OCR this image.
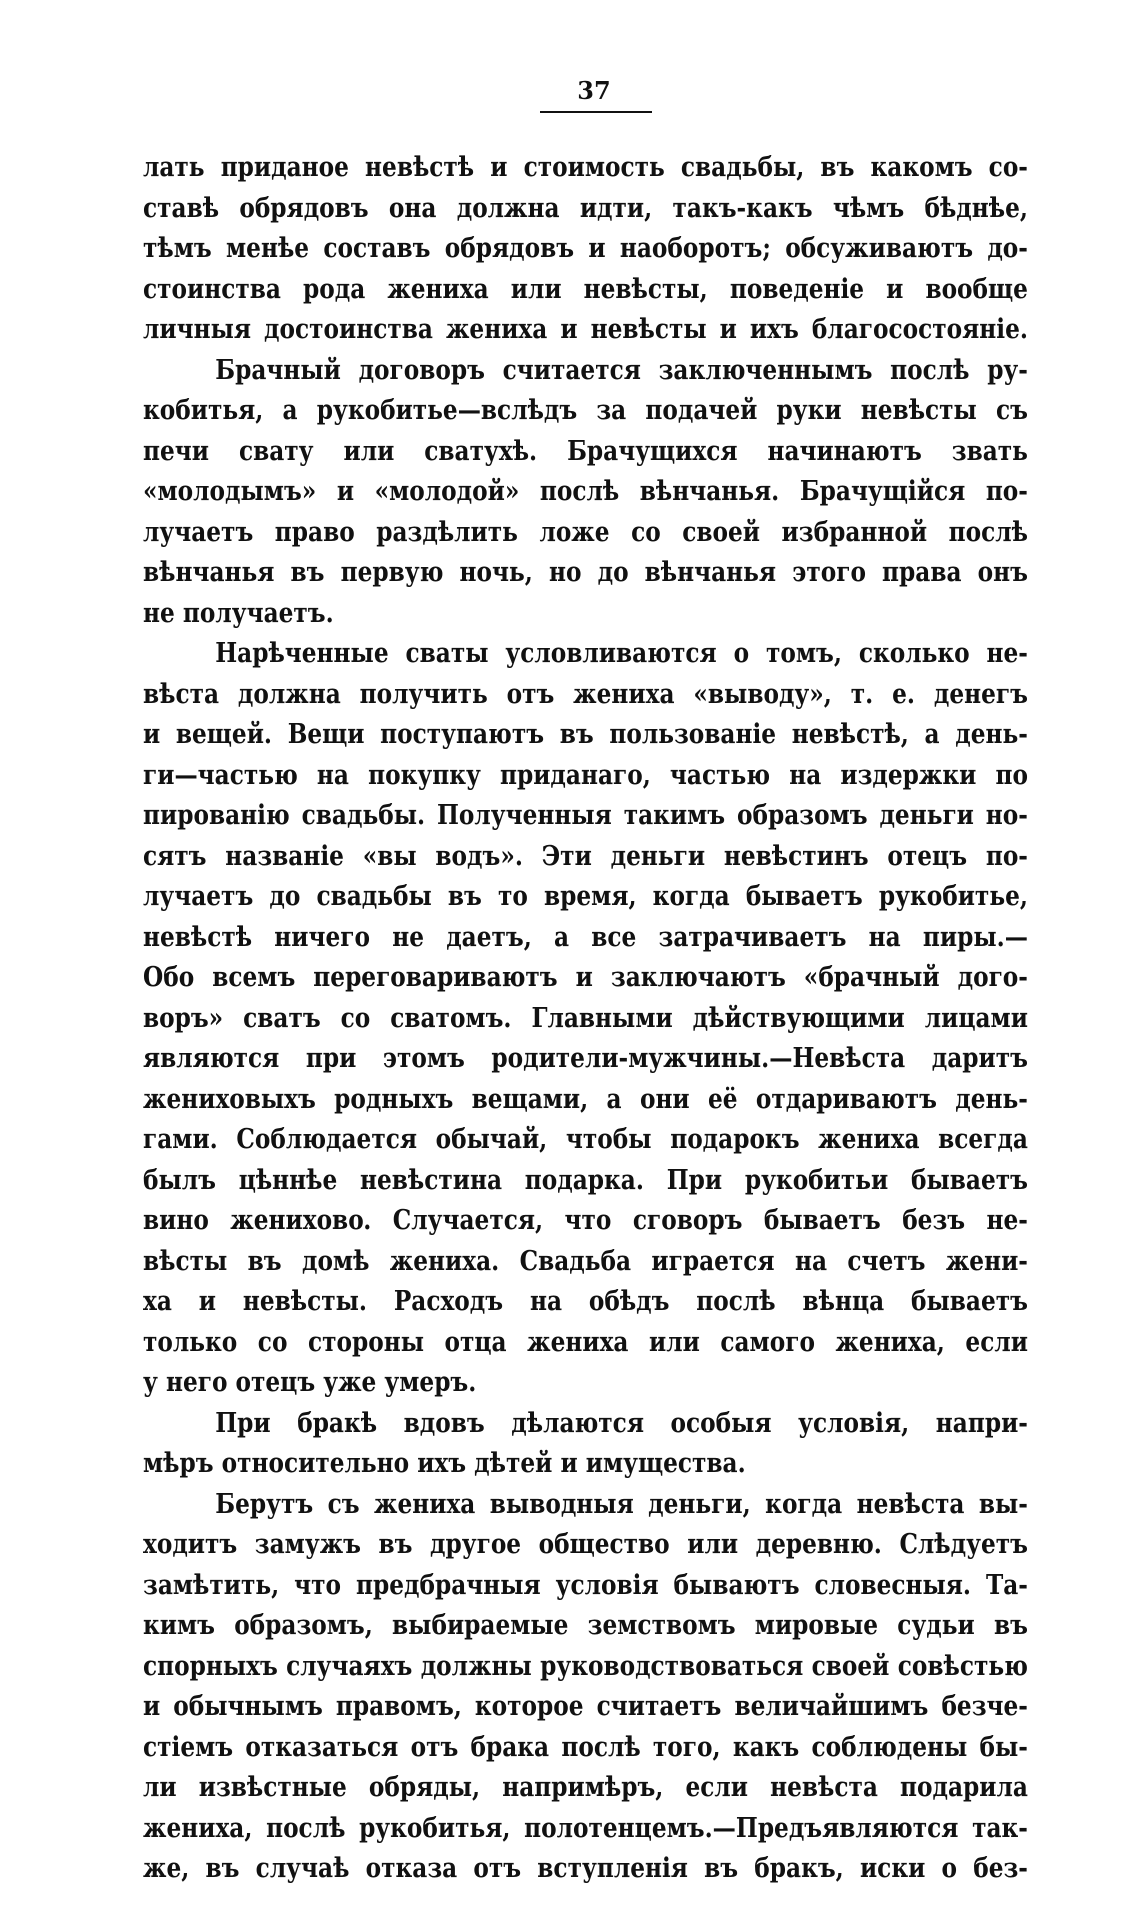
37
лать приданое невѣстѣ и стоимость свадьбы, въ какомъ со-
ставѣ обрядовъ она должна идти, такъ-какъ чѣмъ бѣднѣе,
тѣмъ менѣе составъ обрядовъ и наоборотъ; обсуживаютъ до-
стоинства рода жениха или невѣсты, поведеніе и вообще
личныя достоинства жениха и невѣсты и ихъ благосостояніе.
Брачный договоръ считается заключеннымъ послѣ ру-
кобитья, а рукобитье—вслѣдъ за подачей руки невѣсты съ
печи свату или сватухѣ. Брачущихся начинаютъ звать
«молодымъ» и «молодой» послѣ вѣнчанья. Брачущійся по-
лучаетъ право раздѣлить ложе со своей избранной послѣ
вѣнчанья въ первую ночь, но до вѣнчанья этого права онъ
не получаетъ.
Нарѣченные сваты условливаются о томъ, сколько не-
вѣста должна получить отъ жениха «выводу», т. е. денегъ
и вещей. Вещи поступаютъ въ пользованіе невѣстѣ, а день-
ги—частью на покупку приданаго, частью на издержки по
пированію свадьбы. Полученныя такимъ образомъ деньги но-
сятъ названіе «вы водъ». Эти деньги невѣстинъ отецъ по-
лучаетъ до свадьбы въ то время, когда бываетъ рукобитье,
невѣстѣ ничего не даетъ, а все затрачиваетъ на пиры.—
Обо всемъ переговариваютъ и заключаютъ «брачный дого-
воръ» сватъ со сватомъ. Главными дѣйствующими лицами
являются при этомъ родители-мужчины.—Невѣста даритъ
жениховыхъ родныхъ вещами, а они её отдариваютъ день-
гами. Соблюдается обычай, чтобы подарокъ жениха всегда
былъ цѣннѣе невѣстина подарка. При рукобитьи бываетъ
вино жениховo. Случается, что сговоръ бываетъ безъ не-
вѣсты въ домѣ жениха. Свадьба играется на счетъ жени-
ха и невѣсты. Расходъ на обѣдъ послѣ вѣнца бываетъ
только со стороны отца жениха или самого жениха, если
у него отецъ уже умеръ.
При бракѣ вдовъ дѣлаются особыя условія, напри-
мѣръ относительно ихъ дѣтей и имущества.
Берутъ съ жениха выводныя деньги, когда невѣста вы-
ходитъ замужъ въ другое общество или деревню. Слѣдуетъ
замѣтить, что предбрачныя условія бываютъ словесныя. Та-
кимъ образомъ, выбираемые земствомъ мировые судьи въ
спорныхъ случаяхъ должны руководствоваться своей совѣстью
и обычнымъ правомъ, которое считаетъ величайшимъ безче-
стіемъ отказаться отъ брака послѣ того, какъ соблюдены бы-
ли извѣстные обряды, напримѣръ, если невѣста подарила
жениха, послѣ рукобитья, полотенцемъ.—Предъявляются так-
же, въ случаѣ отказа отъ вступленія въ бракъ, иски о без-
